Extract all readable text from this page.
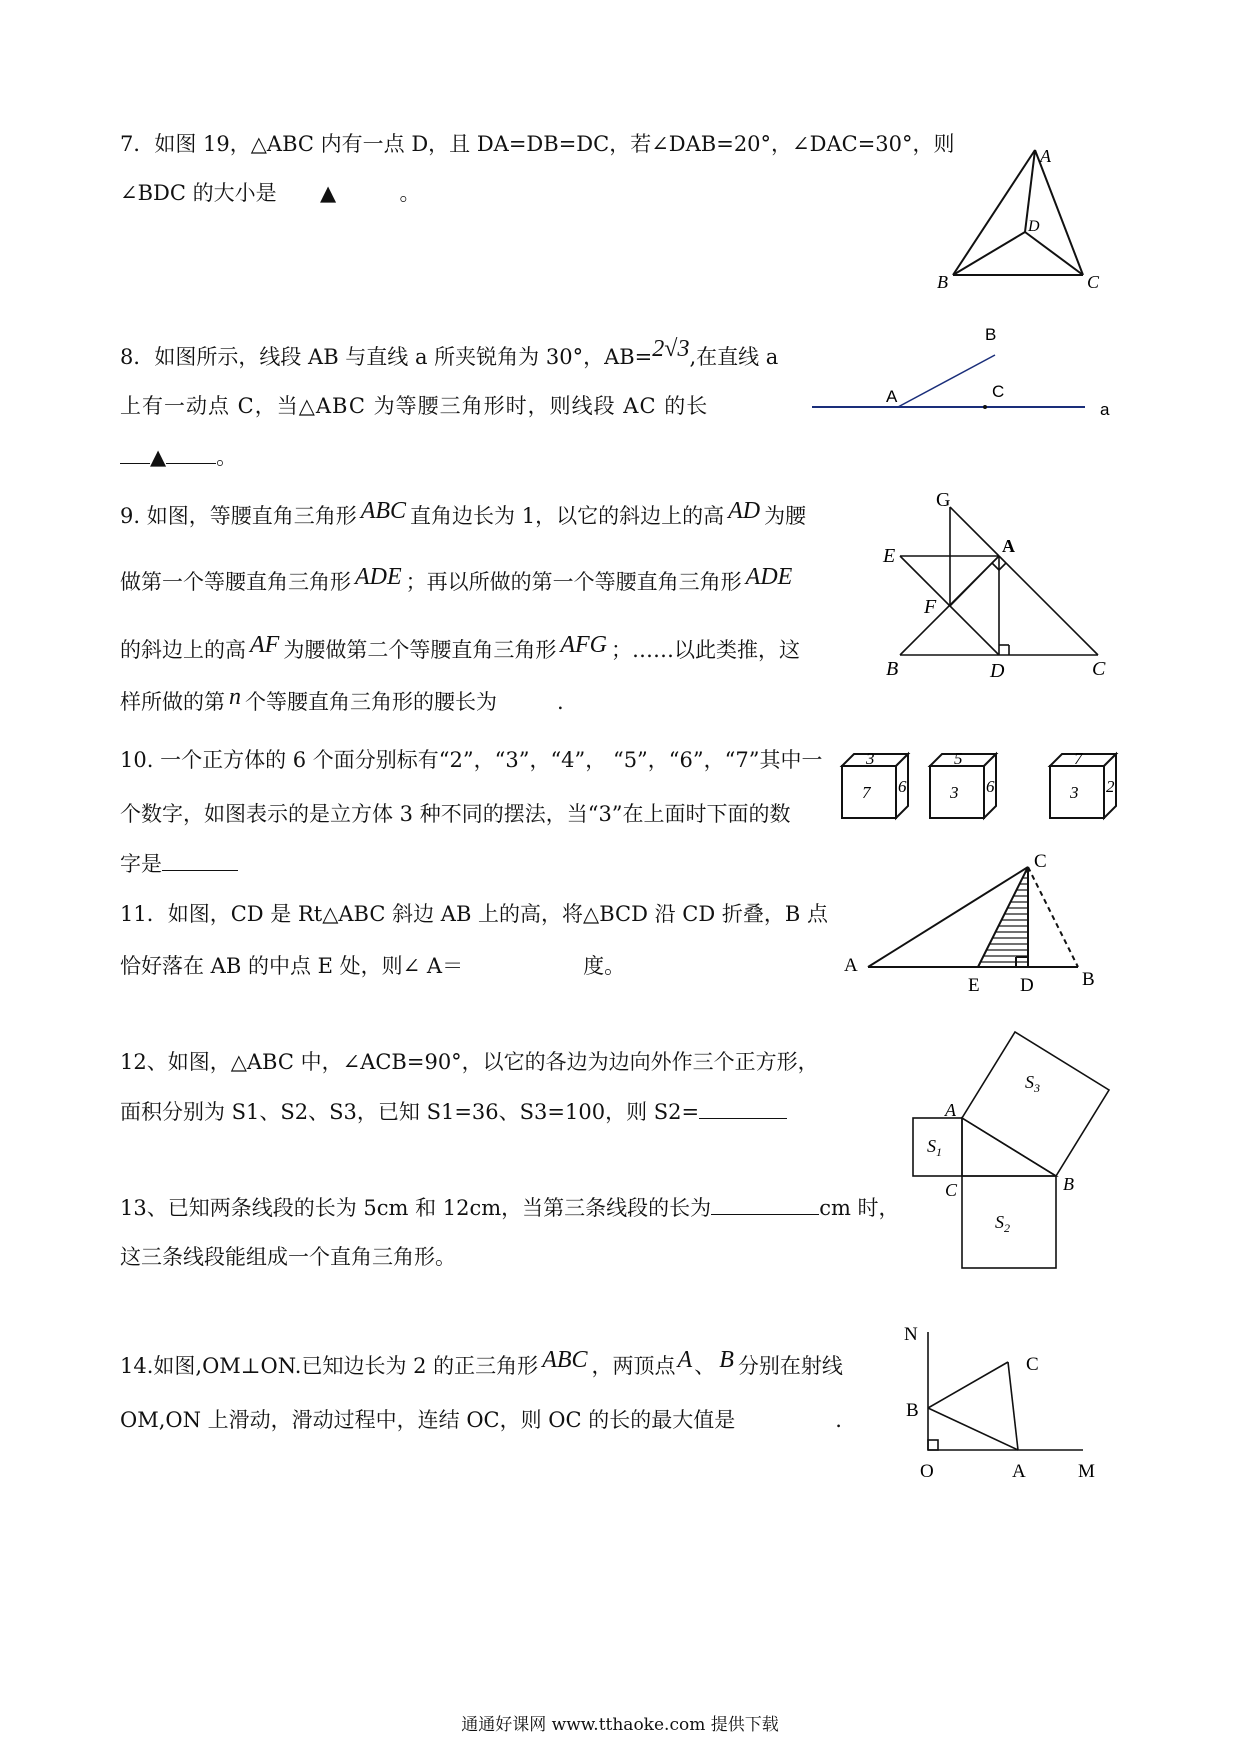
7．如图 19，△ABC 内有一点 D，且 DA=DB=DC，若∠DAB=20°，∠DAC=30°，则
∠BDC 的大小是 ▲	。
A
D
B	C
8．如图所示，线段 AB 与直线 a 所夹锐角为 30°，AB=2√3,在直线 a
上有一动点 C，当△ABC 为等腰三角形时，则线段 AC 的长
▲ 。
B
A	C
a
9. 如图，等腰直角三角形 ABC 直角边长为 1，以它的斜边上的高 AD 为腰
做第一个等腰直角三角形 ADE ；再以所做的第一个等腰直角三角形 ADE
的斜边上的高 AF 为腰做第二个等腰直角三角形 AFG ；……以此类推，这
样所做的第 n 个等腰直角三角形的腰长为	.
G
A
E
F
B	D	C
10. 一个正方体的 6 个面分别标有“2”，“3”，“4”， “5”，“6”，“7”其中一
个数字，如图表示的是立方体 3 种不同的摆法，当“3”在上面时下面的数
字是
3
7 6
5
3 6
7
3 2
11．如图，CD 是 Rt△ABC 斜边 AB 上的高，将△BCD 沿 CD 折叠，B 点
恰好落在 AB 的中点 E 处，则∠ A＝	度。	A
C
E D	B
12、如图，△ABC 中，∠ACB=90°，以它的各边为边向外作三个正方形，
面积分别为 S1、S2、S3，已知 S1=36、S3=100，则 S2=	A
C	B
$S_1$
$S_2$
$S_3$
13、已知两条线段的长为 5cm 和 12cm，当第三条线段的长为	cm 时，
这三条线段能组成一个直角三角形。
14.如图,OM⊥ON.已知边长为 2 的正三角形 ABC ，两顶点A、 B 分别在射线
OM,ON 上滑动，滑动过程中，连结 OC，则 OC 的长的最大值是	.
N
C
B
O	A	M
通通好课网 www.tthaoke.com 提供下载
